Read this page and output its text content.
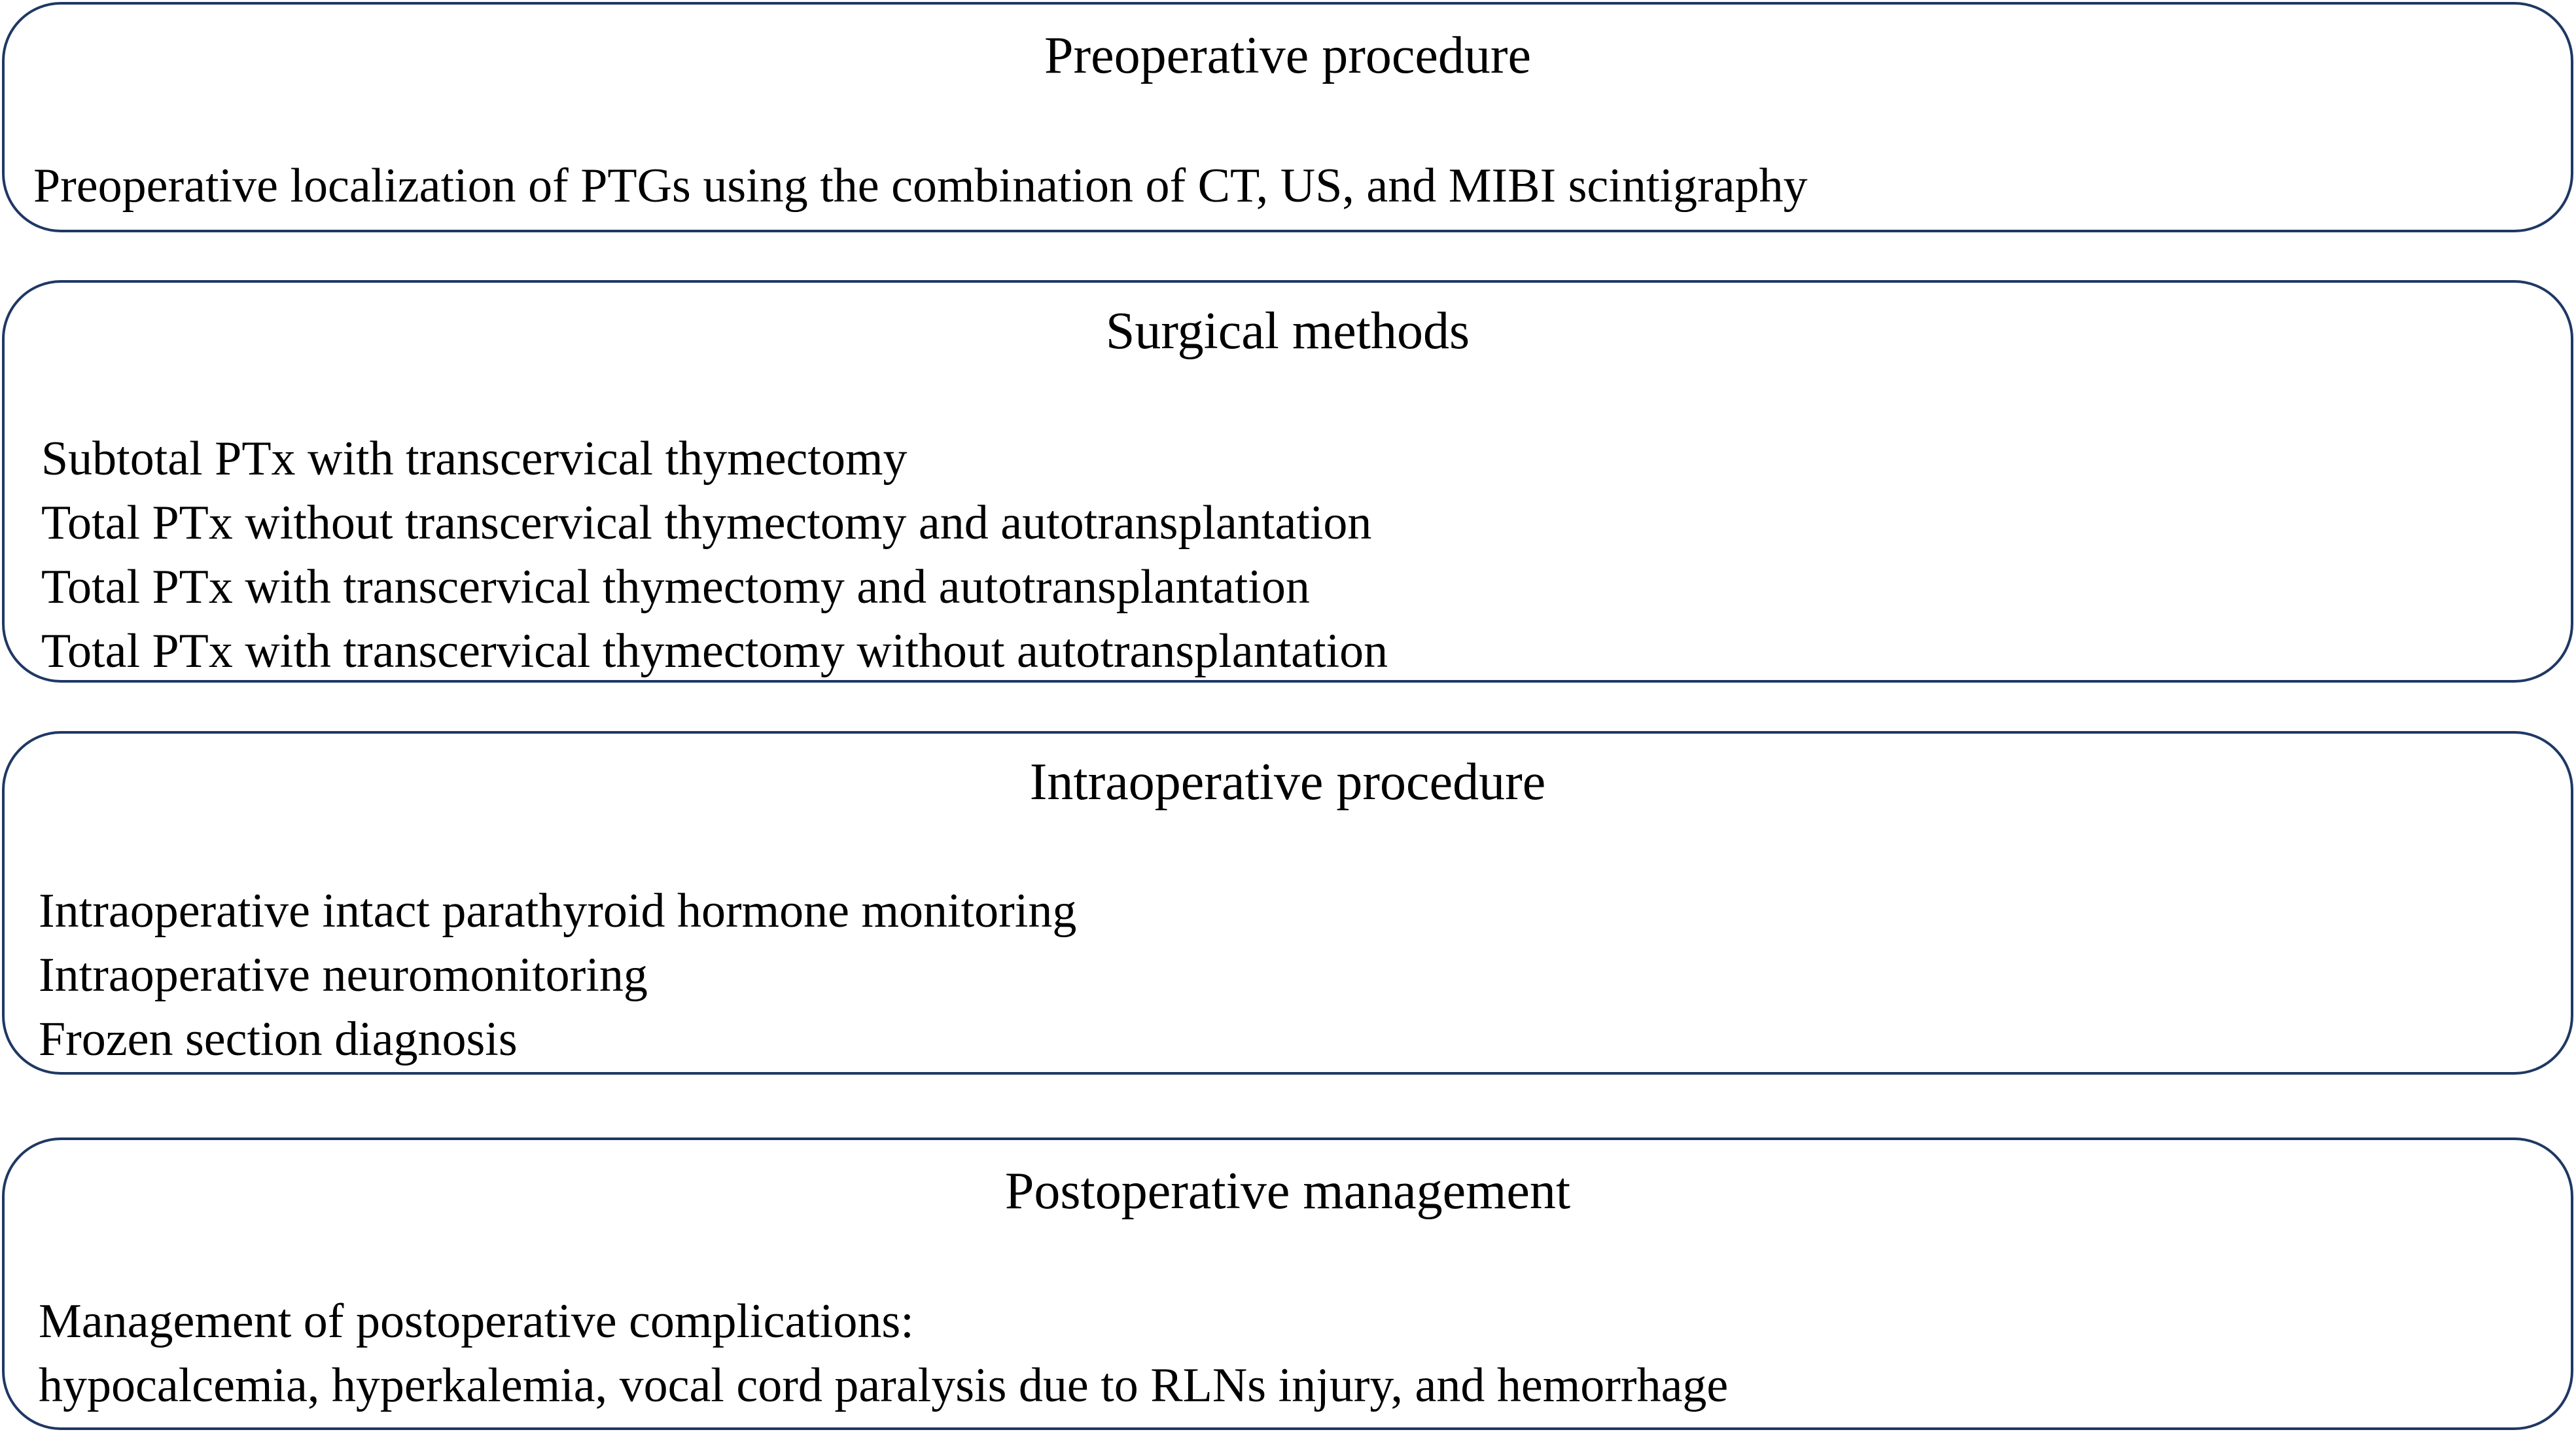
Preoperative procedure
Preoperative localization of PTGs using the combination of CT, US, and MIBI scintigraphy
Surgical methods
Subtotal PTx with transcervical thymectomy
Total PTx without transcervical thymectomy and autotransplantation
Total PTx with transcervical thymectomy and autotransplantation
Total PTx with transcervical thymectomy without autotransplantation
Intraoperative procedure
Intraoperative intact parathyroid hormone monitoring
Intraoperative neuromonitoring
Frozen section diagnosis
Postoperative management
Management of postoperative complications:
hypocalcemia, hyperkalemia, vocal cord paralysis due to RLNs injury, and hemorrhage
